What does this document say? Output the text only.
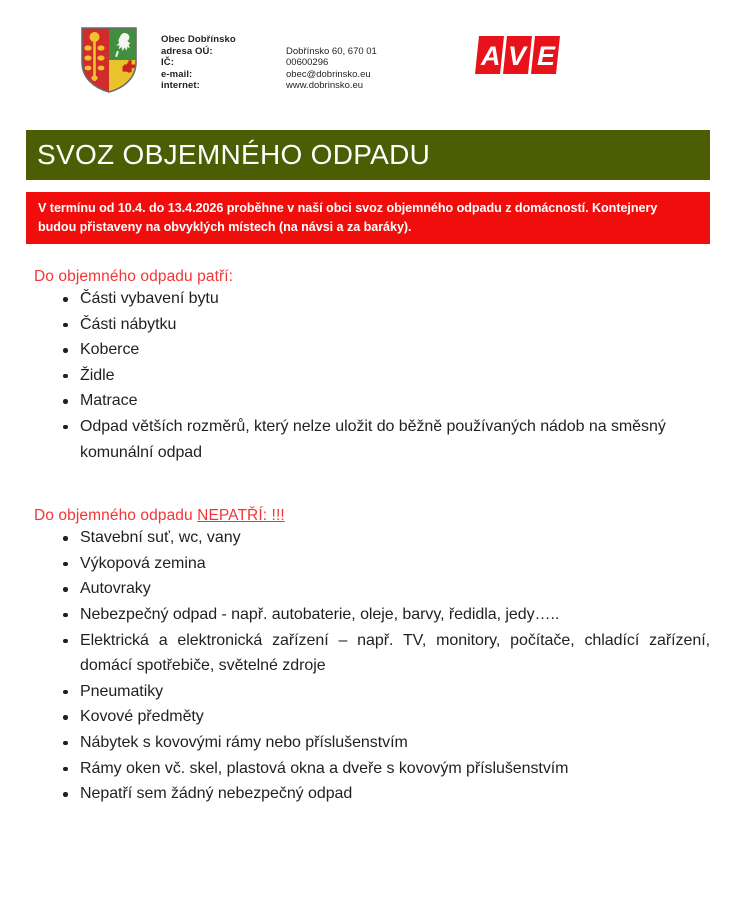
Obec Dobřínsko
adresa OÚ:	Dobřínsko 60, 670 01
IČ:	00600296
e-mail:	obec@dobrinsko.eu
internet:	www.dobrinsko.eu
A V E
SVOZ OBJEMNÉHO ODPADU
V termínu od 10.4. do 13.4.2026 proběhne v naší obci svoz objemného odpadu z domácností. Kontejnery budou přistaveny na obvyklých místech (na návsi a za baráky).
Do objemného odpadu patří:
Části vybavení bytu
Části nábytku
Koberce
Židle
Matrace
Odpad větších rozměrů, který nelze uložit do běžně používaných nádob na směsný komunální odpad
Do objemného odpadu NEPATŘÍ: !!!
Stavební suť, wc, vany
Výkopová zemina
Autovraky
Nebezpečný odpad - např. autobaterie, oleje, barvy, ředidla, jedy…..
Elektrická a elektronická zařízení – např. TV, monitory, počítače, chladící zařízení, domácí spotřebiče, světelné zdroje
Pneumatiky
Kovové předměty
Nábytek s kovovými rámy nebo příslušenstvím
Rámy oken vč. skel, plastová okna a dveře s kovovým příslušenstvím
Nepatří sem žádný nebezpečný odpad
